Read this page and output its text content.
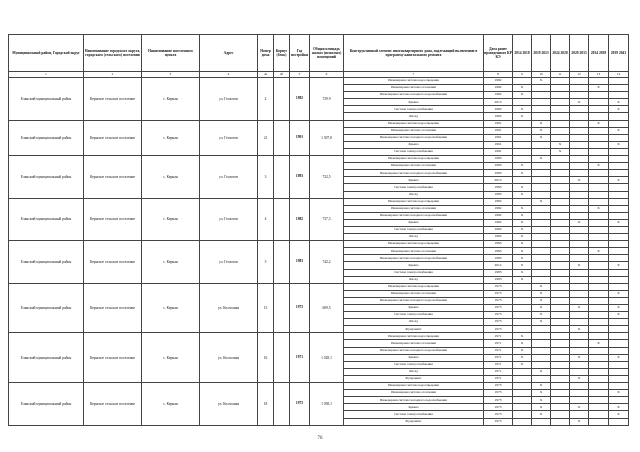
Муниципальный район, Городской округ	Наименование городского округа, городского (сельского) поселения	Наименование населенного пункта	Адрес	Номер дома	Корпус (блок)	Год постройки	Общая площадь жилых (нежилых) помещений	Конструктивный элемент многоквартирного дома, подлежащий включению в программу капитального ремонта	Дата ранее проведенного КР КЭ	2014 2018	2019 2023	2024 2028	2029 2033	2034 2038	2039 2043
1	2	3	4	4а	4б	5	6	7	8	9	10	11	12	13	14
Еланский муниципальный район	Кернское сельское поселение	с. Кернан	ул. Геологов	2		1982	729.9	Инженерная система водоотведения	1982		X				
								Инженерная система отопления	1982	X				X	
								Инженерная система холодного водоснабжения	1982	X					
								Крыша	2013				X		X
								Система электроснабжения	1982	X					X
								Фасад	1982	X					
Еланский муниципальный район	Кернское сельское поселение	с. Кернан	ул. Геологов	21		1991	1 307,8	Инженерная система водоотведения	1991		X			X	
								Инженерная система отопления	1991		X				X
								Инженерная система холодного водоснабжения	1991		X				
								Крыша	1991			X			X
								Система электроснабжения	1991			X			
Еланский муниципальный район	Кернское сельское поселение	с. Кернан	ул. Геологов	3		1983	722,5	Инженерная система водоотведения	1983		X				
								Инженерная система отопления	1983	X				X	
								Инженерная система холодного водоснабжения	1983	X					
								Крыша	2013				X		X
								Система электроснабжения	1983	X					
								Фасад	1983	X					
Еланский муниципальный район	Кернское сельское поселение	с. Кернан	ул. Геологов	4		1982	737,3	Инженерная система водоотведения	1982		X				
								Инженерная система отопления	1982	X				X	
								Инженерная система холодного водоснабжения	1982	X					
								Крыша	1982	X			X		X
								Система электроснабжения	1982	X					
								Фасад	1982	X					
Еланский муниципальный район	Кернское сельское поселение	с. Кернан	ул. Геологов	5		1983	742,2	Инженерная система водоотведения	1983	X					
								Инженерная система отопления	1983	X				X	
								Инженерная система холодного водоснабжения	1983	X					
								Крыша	2014	X			X		X
								Система электроснабжения	1983	X					
								Фасад	1983	X					
Еланский муниципальный район	Кернское сельское поселение	с. Кернан	ул. Колхозная	15		1973	609,5	Инженерная система водоотведения	1973		X				
								Инженерная система отопления	1973		X				X
								Инженерная система холодного водоснабжения	1973		X				
								Крыша	1973		X		X		X
								Система электроснабжения	1973		X				X
								Фасад	1973		X				
								Фундамент	1973				X		
Еланский муниципальный район	Кернское сельское поселение	с. Кернан	ул. Колхозная	16		1971	1 028,1	Инженерная система водоотведения	1971	X					
								Инженерная система отопления	1971	X				X	
								Инженерная система холодного водоснабжения	1971	X					
								Крыша	1971	X			X		X
								Система электроснабжения	1971	X					
								Фасад	1971		X				
								Фундамент	1971				X		
Еланский муниципальный район	Кернское сельское поселение	с. Кернан	ул. Колхозная	18		1973	1 058,1	Инженерная система водоотведения	1973		X				
								Инженерная система отопления	1973		X				X
								Инженерная система холодного водоснабжения	1973		X				
								Крыша	1973		X		X		X
								Система электроснабжения	1973		X				X
								Фундамент	1973				X		
76
